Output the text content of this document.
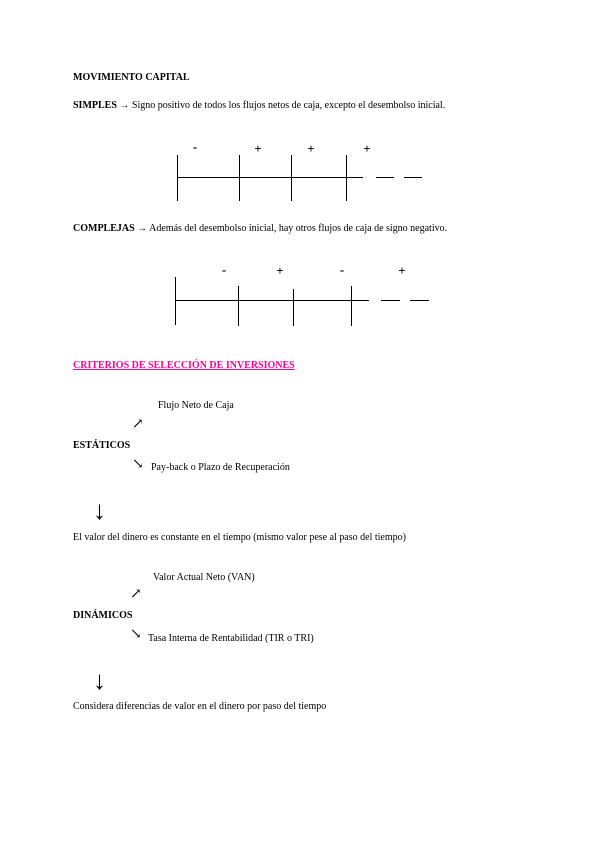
MOVIMIENTO CAPITAL
SIMPLES → Signo positivo de todos los flujos netos de caja, excepto el desembolso inicial.
-	+	+	+
COMPLEJAS → Además del desembolso inicial, hay otros flujos de caja de signo negativo.
-	+	-	+
CRITERIOS DE SELECCIÓN DE INVERSIONES
Flujo Neto de Caja
↗
ESTÁTICOS
↘ Pay-back o Plazo de Recuperación
↓
El valor del dinero es constante en el tiempo (mismo valor pese al paso del tiempo)
Valor Actual Neto (VAN)
↗
DINÁMICOS
↘ Tasa Interna de Rentabilidad (TIR o TRI)
↓
Considera diferencias de valor en el dinero por paso del tiempo
